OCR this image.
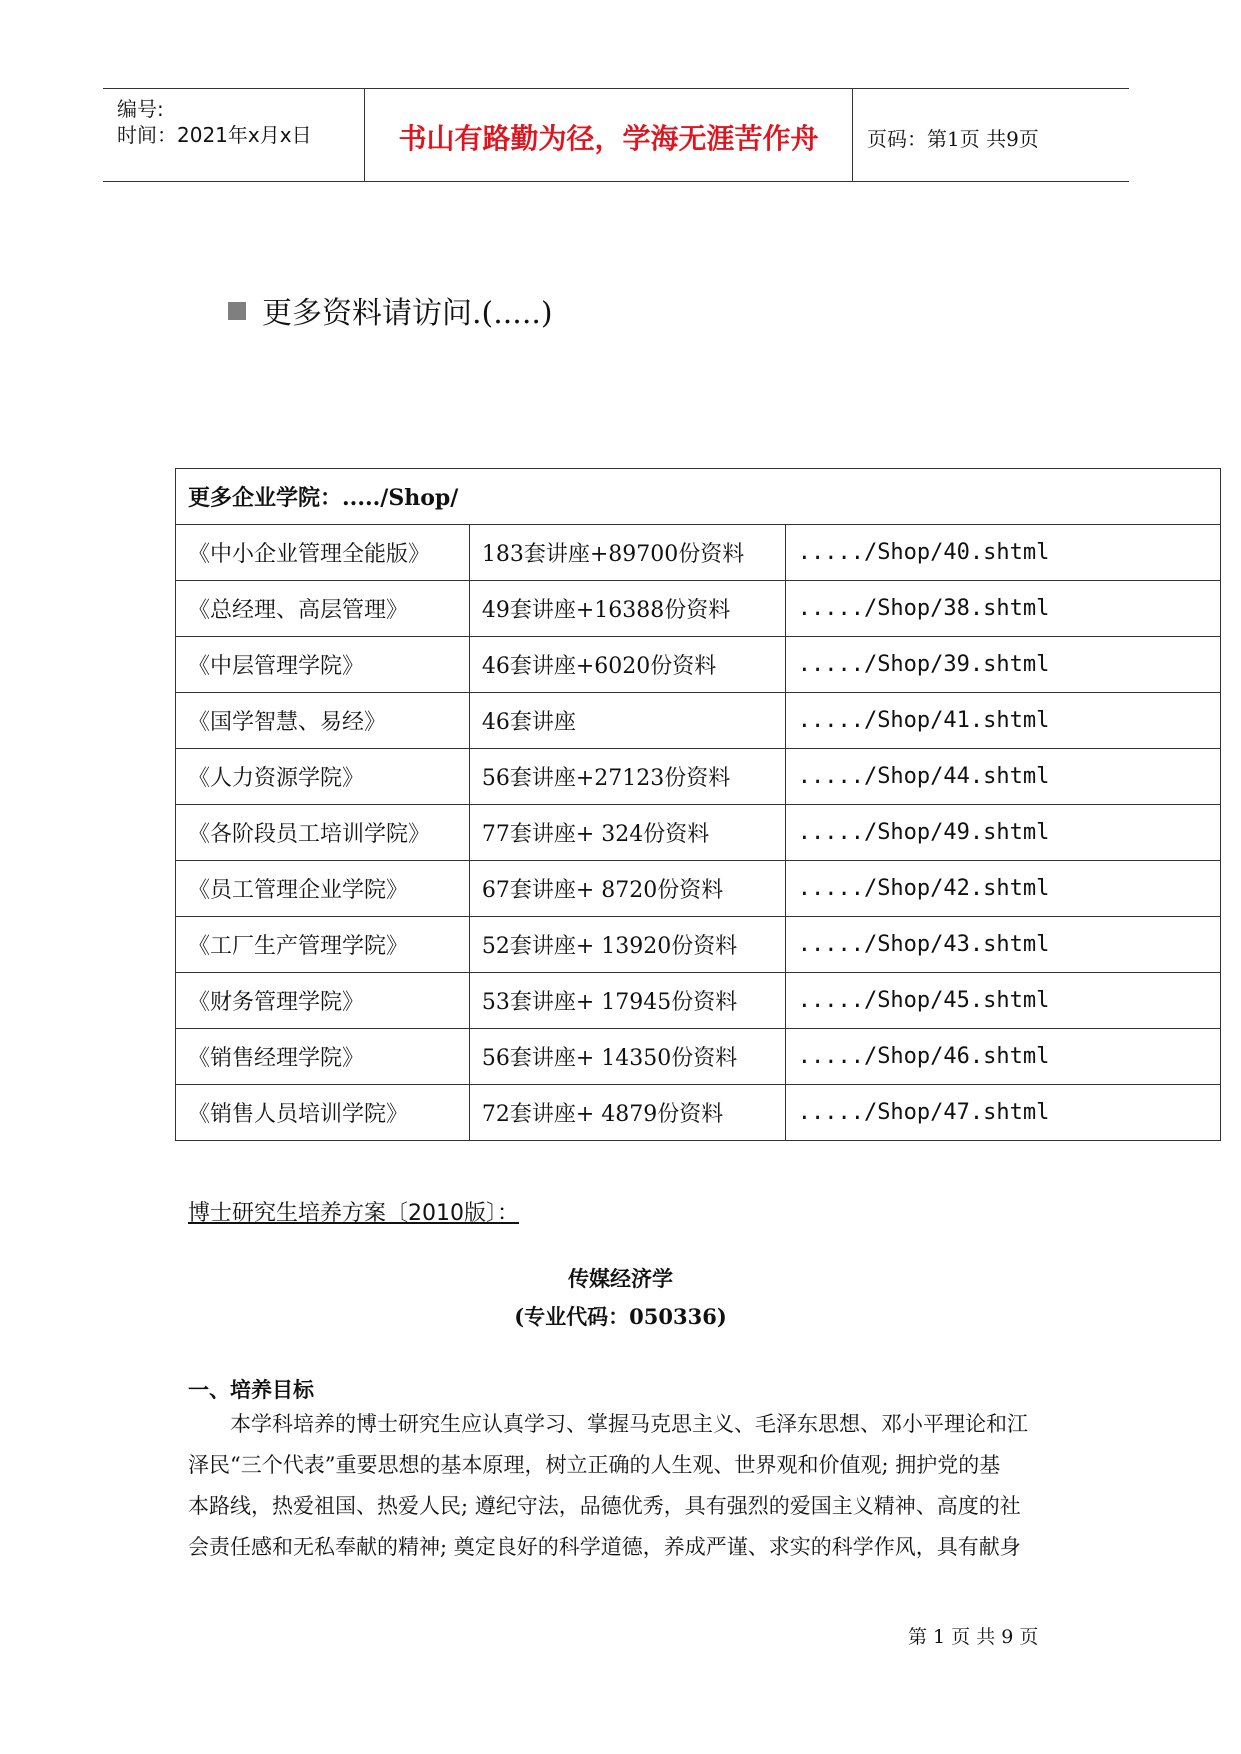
编号:
时间：2021年x月x日	书山有路勤为径，学海无涯苦作舟	页码：第1页 共9页
更多资料请访问.(.....)
更多企业学院：...../Shop/		
《中小企业管理全能版》	183套讲座+89700份资料	...../Shop/40.shtml
《总经理、高层管理》	49套讲座+16388份资料	...../Shop/38.shtml
《中层管理学院》	46套讲座+6020份资料	...../Shop/39.shtml
《国学智慧、易经》	46套讲座	...../Shop/41.shtml
《人力资源学院》	56套讲座+27123份资料	...../Shop/44.shtml
《各阶段员工培训学院》	77套讲座+ 324份资料	...../Shop/49.shtml
《员工管理企业学院》	67套讲座+ 8720份资料	...../Shop/42.shtml
《工厂生产管理学院》	52套讲座+ 13920份资料	...../Shop/43.shtml
《财务管理学院》	53套讲座+ 17945份资料	...../Shop/45.shtml
《销售经理学院》	56套讲座+ 14350份资料	...../Shop/46.shtml
《销售人员培训学院》	72套讲座+ 4879份资料	...../Shop/47.shtml
博士研究生培养方案〔2010版〕：
传媒经济学
(专业代码：050336)
一、培养目标
本学科培养的博士研究生应认真学习、掌握马克思主义、毛泽东思想、邓小平理论和江
泽民“三个代表”重要思想的基本原理，树立正确的人生观、世界观和价值观; 拥护党的基
本路线，热爱祖国、热爱人民; 遵纪守法，品德优秀，具有强烈的爱国主义精神、高度的社
会责任感和无私奉献的精神; 奠定良好的科学道德，养成严谨、求实的科学作风，具有献身
第 1 页 共 9 页
